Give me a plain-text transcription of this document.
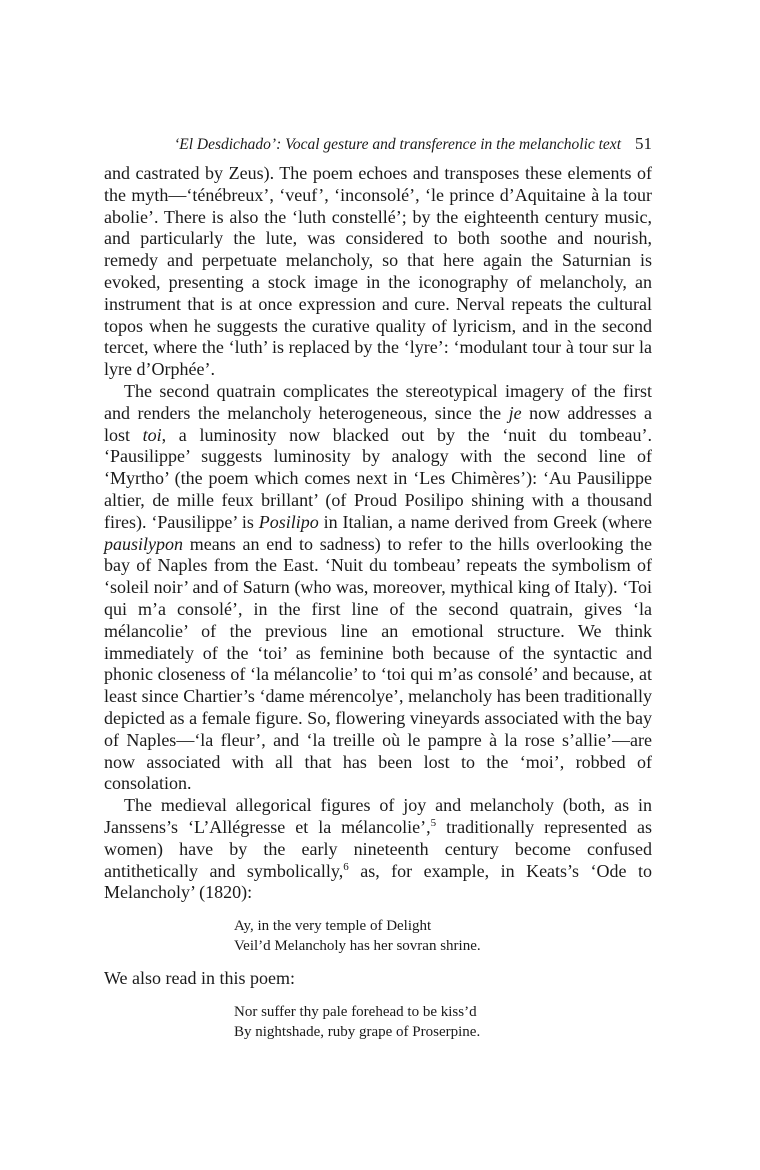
‘El Desdichado’: Vocal gesture and transference in the melancholic text 51

and castrated by Zeus). The poem echoes and transposes these elements of the myth—‘ténébreux’, ‘veuf’, ‘inconsolé’, ‘le prince d’Aquitaine à la tour abolie’. There is also the ‘luth constellé’; by the eighteenth century music, and particularly the lute, was considered to both soothe and nourish, remedy and perpetuate melancholy, so that here again the Saturnian is evoked, presenting a stock image in the iconography of melancholy, an instrument that is at once expression and cure. Nerval repeats the cultural topos when he suggests the curative quality of lyricism, and in the second tercet, where the ‘luth’ is replaced by the ‘lyre’: ‘modulant tour à tour sur la lyre d’Orphée’.

The second quatrain complicates the stereotypical imagery of the first and renders the melancholy heterogeneous, since the je now addresses a lost toi, a luminosity now blacked out by the ‘nuit du tombeau’. ‘Pausilippe’ suggests luminosity by analogy with the second line of ‘Myrtho’ (the poem which comes next in ‘Les Chimères’): ‘Au Pausilippe altier, de mille feux brillant’ (of Proud Posilipo shining with a thousand fires). ‘Pausilippe’ is Posilipo in Italian, a name derived from Greek (where pausilypon means an end to sadness) to refer to the hills overlooking the bay of Naples from the East. ‘Nuit du tombeau’ repeats the symbolism of ‘soleil noir’ and of Saturn (who was, moreover, mythical king of Italy). ‘Toi qui m’a consolé’, in the first line of the second quatrain, gives ‘la mélancolie’ of the previous line an emotional structure. We think immediately of the ‘toi’ as feminine both because of the syntactic and phonic closeness of ‘la mélancolie’ to ‘toi qui m’as consolé’ and because, at least since Chartier’s ‘dame mérencolye’, melancholy has been traditionally depicted as a female figure. So, flowering vineyards associated with the bay of Naples—‘la fleur’, and ‘la treille où le pampre à la rose s’allie’—are now associated with all that has been lost to the ‘moi’, robbed of consolation.

The medieval allegorical figures of joy and melancholy (both, as in Janssens’s ‘L’Allégresse et la mélancolie’,$^5$ traditionally represented as women) have by the early nineteenth century become confused antithetically and symbolically,$^6$ as, for example, in Keats’s ‘Ode to Melancholy’ (1820):

Ay, in the very temple of Delight
Veil’d Melancholy has her sovran shrine.

We also read in this poem:

Nor suffer thy pale forehead to be kiss’d
By nightshade, ruby grape of Proserpine.
